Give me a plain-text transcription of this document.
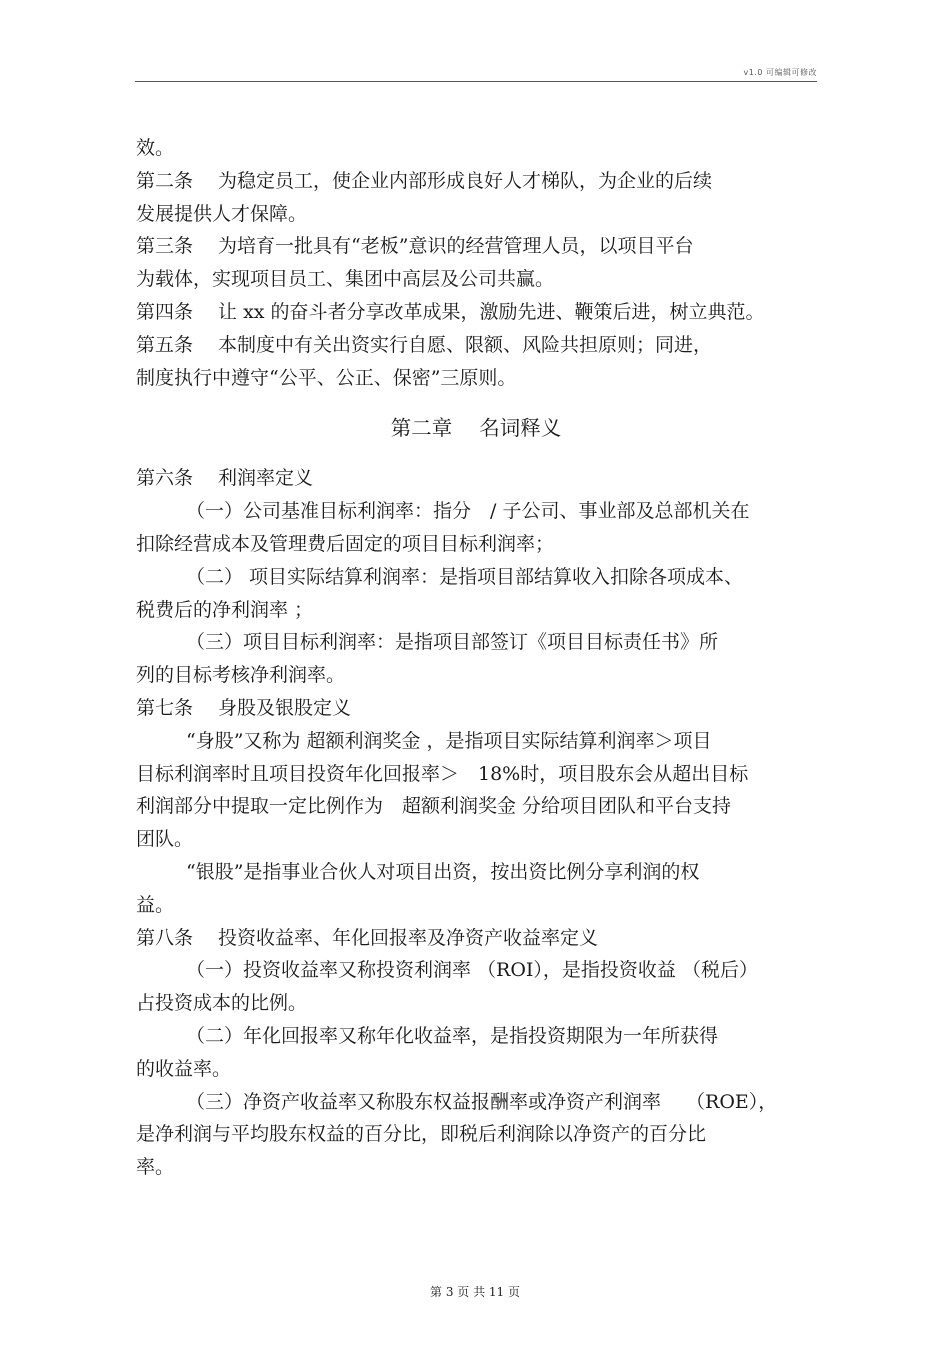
v1.0 可编辑可修改
效。
第二条　 为稳定员工，使企业内部形成良好人才梯队，为企业的后续
发展提供人才保障。
第三条　 为培育一批具有“老板”意识的经营管理人员，以项目平台
为载体，实现项目员工、集团中高层及公司共赢。
第四条　 让 xx 的奋斗者分享改革成果，激励先进、鞭策后进，树立典范。
第五条　 本制度中有关出资实行自愿、限额、风险共担原则；同进，
制度执行中遵守“公平、公正、保密”三原则。
第二章　 名词释义
第六条　 利润率定义
（一）公司基准目标利润率：指分　/ 子公司、事业部及总部机关在
扣除经营成本及管理费后固定的项目目标利润率；
（二） 项目实际结算利润率：是指项目部结算收入扣除各项成本、
税费后的净利润率 ；
（三）项目目标利润率：是指项目部签订《项目目标责任书》所
列的目标考核净利润率。
第七条　 身股及银股定义
“身股”又称为 超额利润奖金 ，是指项目实际结算利润率＞项目
目标利润率时且项目投资年化回报率＞　18%时，项目股东会从超出目标
利润部分中提取一定比例作为　超额利润奖金 分给项目团队和平台支持
团队。
“银股”是指事业合伙人对项目出资，按出资比例分享利润的权
益。
第八条　 投资收益率、年化回报率及净资产收益率定义
（一）投资收益率又称投资利润率 （ROI），是指投资收益 （税后）
占投资成本的比例。
（二）年化回报率又称年化收益率，是指投资期限为一年所获得
的收益率。
（三）净资产收益率又称股东权益报酬率或净资产利润率　 （ROE），
是净利润与平均股东权益的百分比，即税后利润除以净资产的百分比
率。
第 3 页 共 11 页
